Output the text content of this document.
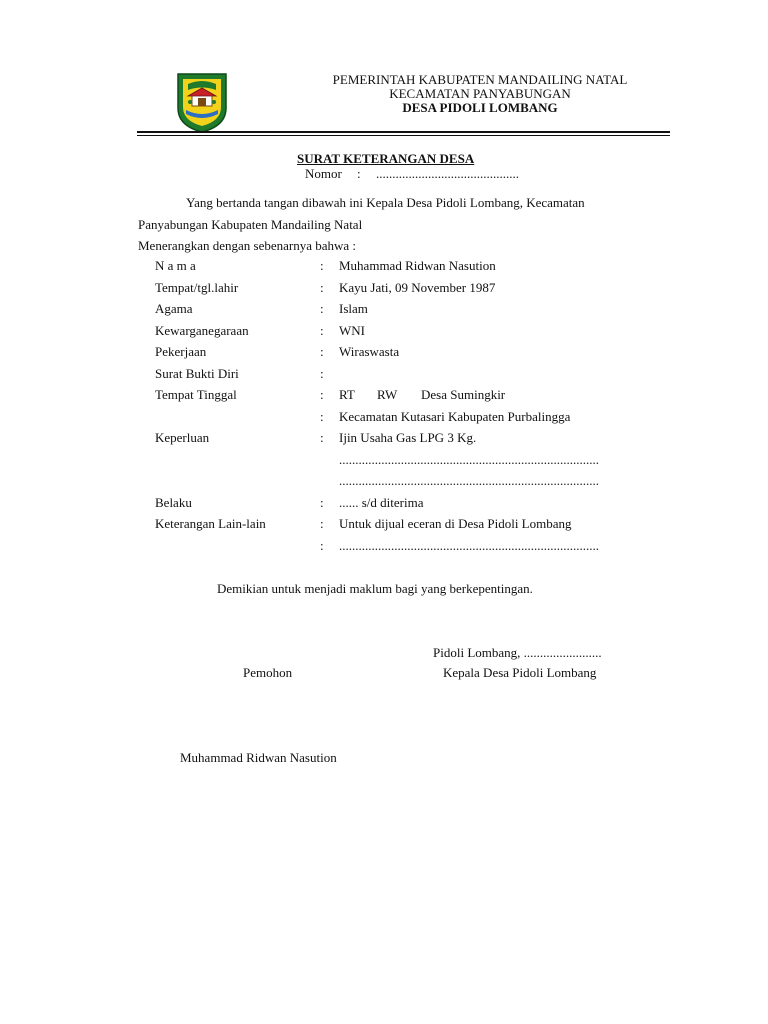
PEMERINTAH KABUPATEN MANDAILING NATAL
KECAMATAN PANYABUNGAN
DESA PIDOLI LOMBANG
SURAT KETERANGAN DESA
Nomor : ............................................
Yang bertanda tangan dibawah ini Kepala Desa Pidoli Lombang, Kecamatan
Panyabungan Kabupaten Mandailing Natal
Menerangkan dengan sebenarnya bahwa :
N a m a	: Muhammad Ridwan Nasution
Tempat/tgl.lahir	: Kayu Jati, 09 November 1987
Agama	: Islam
Kewarganegaraan	: WNI
Pekerjaan	: Wiraswasta
Surat Bukti Diri	:
Tempat Tinggal	: RT RW Desa Sumingkir
: Kecamatan Kutasari Kabupaten Purbalingga
Keperluan	: Ijin Usaha Gas LPG 3 Kg.
................................................................................
................................................................................
Belaku	: ...... s/d diterima
Keterangan Lain-lain	: Untuk dijual eceran di Desa Pidoli Lombang
: ................................................................................
Demikian untuk menjadi maklum bagi yang berkepentingan.
Pidoli Lombang, ........................
Pemohon	Kepala Desa Pidoli Lombang
Muhammad Ridwan Nasution
